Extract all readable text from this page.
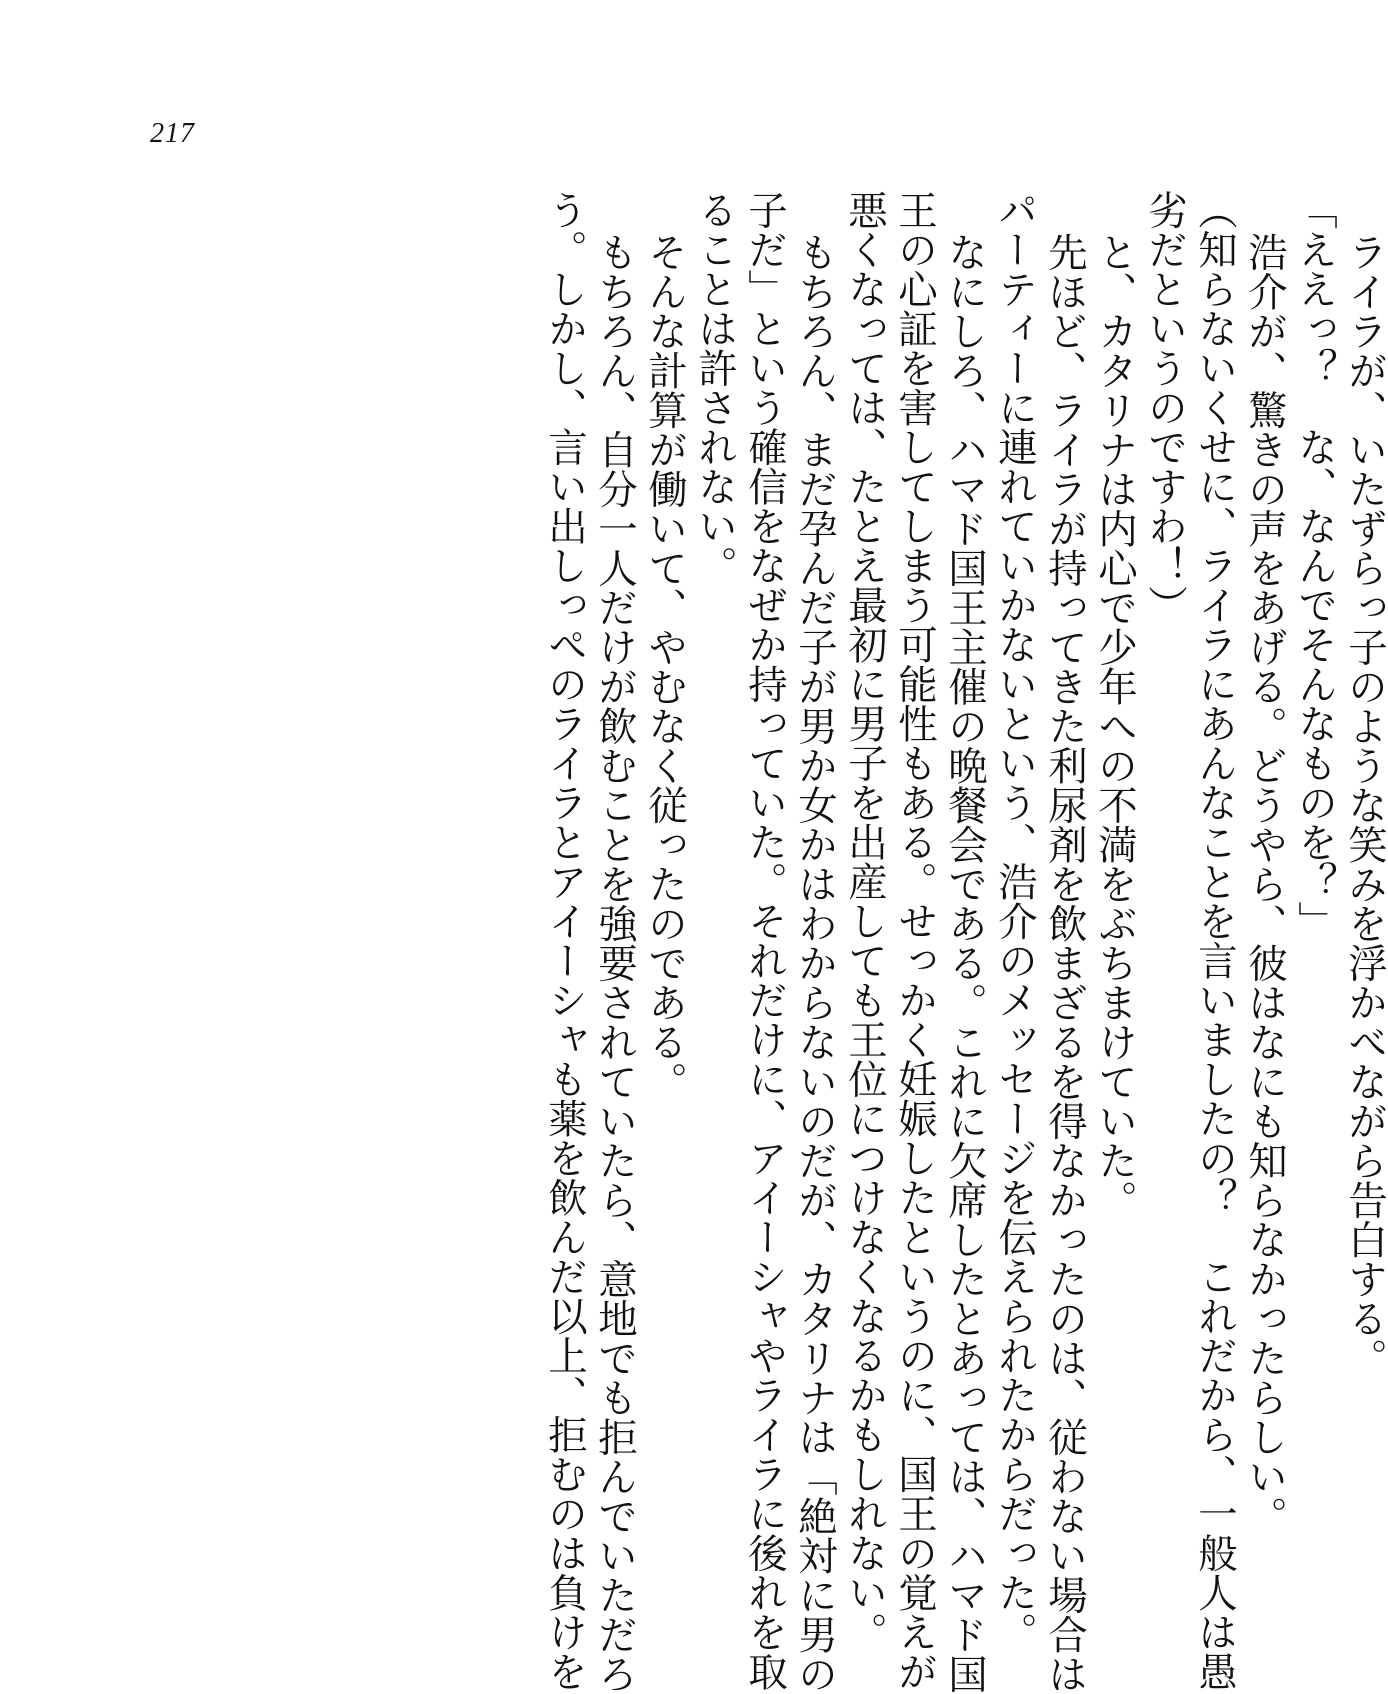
217
ライラが、いたずらっ子のような笑みを浮かべながら告白する。
「ええっ？　な、なんでそんなものを？」
浩介が、驚きの声をあげる。どうやら、彼はなにも知らなかったらしい。
（知らないくせに、ライラにあんなことを言いましたの？　これだから、一般人は愚
劣だというのですわ！）
と、カタリナは内心で少年への不満をぶちまけていた。
先ほど、ライラが持ってきた利尿剤を飲まざるを得なかったのは、従わない場合は
パーティーに連れていかないという、浩介のメッセージを伝えられたからだった。
なにしろ、ハマド国王主催の晩餐会である。これに欠席したとあっては、ハマド国
王の心証を害してしまう可能性もある。せっかく妊娠したというのに、国王の覚えが
悪くなっては、たとえ最初に男子を出産しても王位につけなくなるかもしれない。
もちろん、まだ孕んだ子が男か女かはわからないのだが、カタリナは「絶対に男の
子だ」という確信をなぜか持っていた。それだけに、アイーシャやライラに後れを取
ることは許されない。
そんな計算が働いて、やむなく従ったのである。
もちろん、自分一人だけが飲むことを強要されていたら、意地でも拒んでいただろ
う。しかし、言い出しっぺのライラとアイーシャも薬を飲んだ以上、拒むのは負けを
